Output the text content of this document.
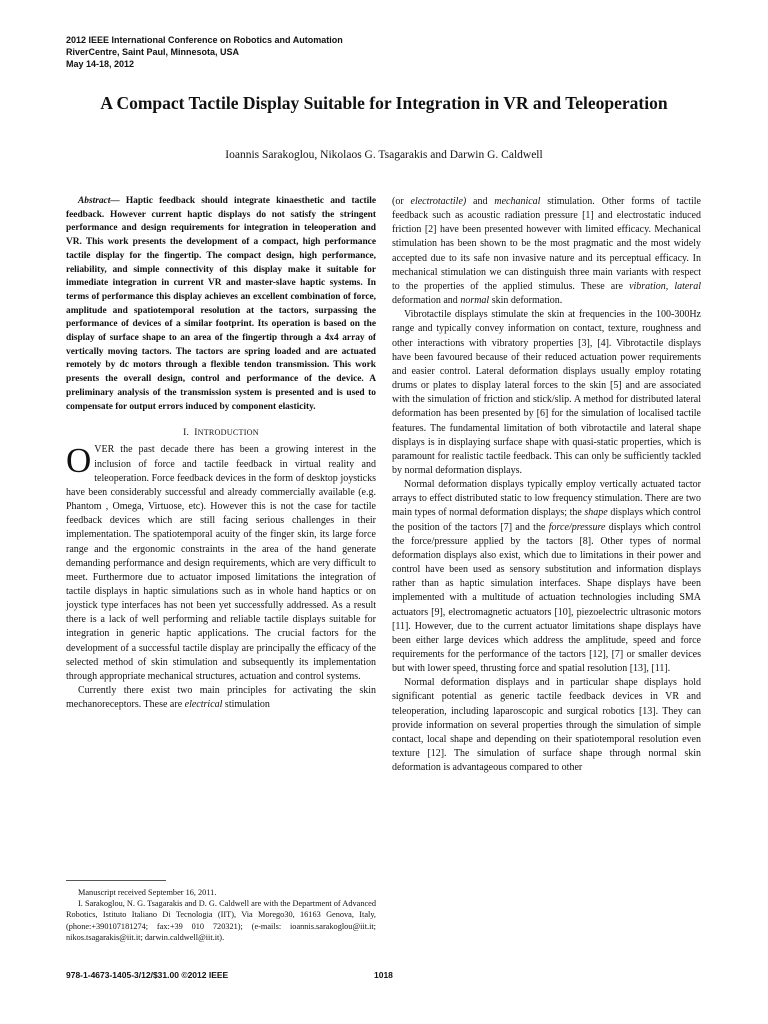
2012 IEEE International Conference on Robotics and Automation
RiverCentre, Saint Paul, Minnesota, USA
May 14-18, 2012
A Compact Tactile Display Suitable for Integration in VR and Teleoperation
Ioannis Sarakoglou, Nikolaos G. Tsagarakis and Darwin G. Caldwell

Abstract— Haptic feedback should integrate kinaesthetic and tactile feedback. However current haptic displays do not satisfy the stringent performance and design requirements for integration in teleoperation and VR. This work presents the development of a compact, high performance tactile display for the fingertip. The compact design, high performance, reliability, and simple connectivity of this display make it suitable for immediate integration in current VR and master-slave haptic systems. In terms of performance this display achieves an excellent combination of force, amplitude and spatiotemporal resolution at the tactors, surpassing the performance of devices of a similar footprint. Its operation is based on the display of surface shape to an area of the fingertip through a 4x4 array of vertically moving tactors. The tactors are spring loaded and are actuated remotely by dc motors through a flexible tendon transmission. This work presents the overall design, control and performance of the device. A preliminary analysis of the transmission system is presented and is used to compensate for output errors induced by component elasticity.

I. INTRODUCTION

OVER the past decade there has been a growing interest in the inclusion of force and tactile feedback in virtual reality and teleoperation. Force feedback devices in the form of desktop joysticks have been considerably successful and already commercially available (e.g. Phantom , Omega, Virtuose, etc). However this is not the case for tactile feedback devices which are still facing serious challenges in their implementation. The spatiotemporal acuity of the finger skin, its large force range and the ergonomic constraints in the area of the hand generate demanding performance and design requirements, which are very difficult to meet. Furthermore due to actuator imposed limitations the integration of tactile displays in haptic simulations such as in whole hand haptics or on joystick type interfaces has not been yet successfully addressed. As a result there is a lack of well performing and reliable tactile displays suitable for integration in generic haptic applications. The crucial factors for the development of a successful tactile display are principally the efficacy of the selected method of skin stimulation and subsequently its implementation through appropriate mechanical structures, actuation and control systems.

Currently there exist two main principles for activating the skin mechanoreceptors. These are electrical stimulation

(or electrotactile) and mechanical stimulation. Other forms of tactile feedback such as acoustic radiation pressure [1] and electrostatic induced friction [2] have been presented however with limited efficacy. Mechanical stimulation has been shown to be the most pragmatic and the most widely accepted due to its safe non invasive nature and its perceptual efficacy. In mechanical stimulation we can distinguish three main variants with respect to the properties of the applied stimulus. These are vibration, lateral deformation and normal skin deformation.

Vibrotactile displays stimulate the skin at frequencies in the 100-300Hz range and typically convey information on contact, texture, roughness and other interactions with vibratory properties [3], [4]. Vibrotactile displays have been favoured because of their reduced actuation power requirements and easier control. Lateral deformation displays usually employ rotating drums or plates to display lateral forces to the skin [5] and are associated with the simulation of friction and stick/slip. A method for distributed lateral deformation has been presented by [6] for the simulation of localised tactile features. The fundamental limitation of both vibrotactile and lateral shape displays is in displaying surface shape with quasi-static properties, which is paramount for realistic tactile feedback. This can only be sufficiently tackled by normal deformation displays.

Normal deformation displays typically employ vertically actuated tactor arrays to effect distributed static to low frequency stimulation. There are two main types of normal deformation displays; the shape displays which control the position of the tactors [7] and the force/pressure displays which control the force/pressure applied by the tactors [8]. Other types of normal deformation displays also exist, which due to limitations in their power and control have been used as sensory substitution and information displays rather than as haptic simulation interfaces. Shape displays have been implemented with a multitude of actuation technologies including SMA actuators [9], electromagnetic actuators [10], piezoelectric ultrasonic motors [11]. However, due to the current actuator limitations shape displays have been either large devices which address the amplitude, speed and force requirements for the performance of the tactors [12], [7] or smaller devices but with lower speed, thrusting force and spatial resolution [13], [11].

Normal deformation displays and in particular shape displays hold significant potential as generic tactile feedback devices in VR and teleoperation, including laparoscopic and surgical robotics [13]. They can provide information on several properties through the simulation of simple contact, local shape and depending on their spatiotemporal resolution even texture [12]. The simulation of surface shape through normal skin deformation is advantageous compared to other

Manuscript received September 16, 2011.
I. Sarakoglou, N. G. Tsagarakis and D. G. Caldwell are with the Department of Advanced Robotics, Istituto Italiano Di Tecnologia (IIT), Via Morego30, 16163 Genova, Italy, (phone:+390107181274; fax:+39 010 720321); (e-mails: ioannis.sarakoglou@iit.it; nikos.tsagarakis@iit.it; darwin.caldwell@iit.it).
978-1-4673-1405-3/12/$31.00 ©2012 IEEE	1018
